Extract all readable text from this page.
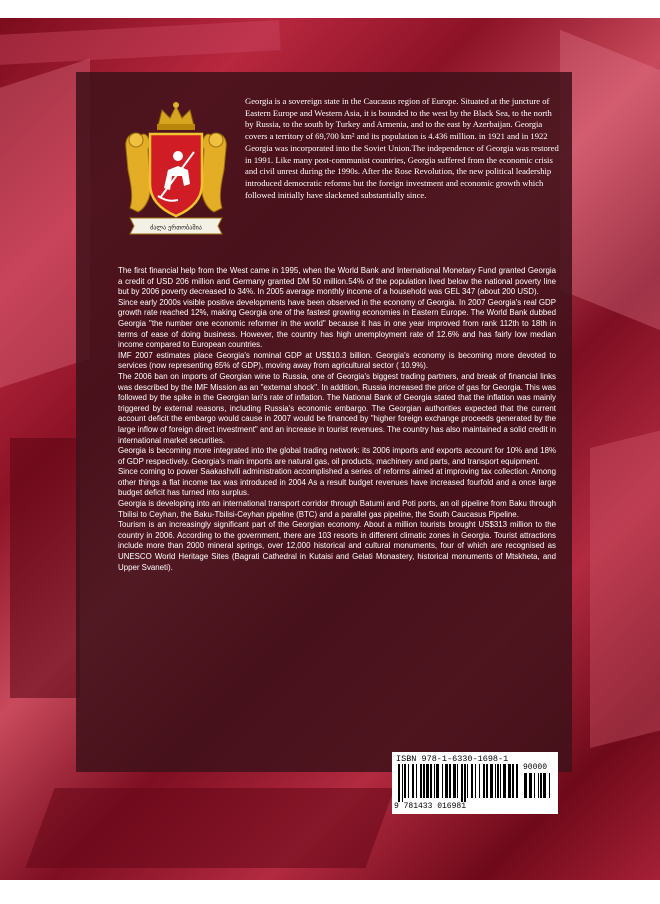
ძალა ერთობაშია

Georgia is a sovereign state in the Caucasus region of Europe. Situated at the juncture of Eastern Europe and Western Asia, it is bounded to the west by the Black Sea, to the north by Russia, to the south by Turkey and Armenia, and to the east by Azerbaijan. Georgia covers a territory of 69,700 km² and its population is 4.436 million. in 1921 and in 1922 Georgia was incorporated into the Soviet Union.The independence of Georgia was restored in 1991. Like many post-communist countries, Georgia suffered from the economic crisis and civil unrest during the 1990s. After the Rose Revolution, the new political leadership introduced democratic reforms but the foreign investment and economic growth which followed initially have slackened substantially since.

The first financial help from the West came in 1995, when the World Bank and International Monetary Fund granted Georgia a credit of USD 206 million and Germany granted DM 50 million.54% of the population lived below the national poverty line but by 2006 poverty decreased to 34%. In 2005 average monthly income of a household was GEL 347 (about 200 USD).

Since early 2000s visible positive developments have been observed in the economy of Georgia. In 2007 Georgia's real GDP growth rate reached 12%, making Georgia one of the fastest growing economies in Eastern Europe. The World Bank dubbed Georgia "the number one economic reformer in the world" because it has in one year improved from rank 112th to 18th in terms of ease of doing business. However, the country has high unemployment rate of 12.6% and has fairly low median income compared to European countries.

IMF 2007 estimates place Georgia's nominal GDP at US$10.3 billion. Georgia's economy is becoming more devoted to services (now representing 65% of GDP), moving away from agricultural sector ( 10.9%).

The 2006 ban on imports of Georgian wine to Russia, one of Georgia's biggest trading partners, and break of financial links was described by the IMF Mission as an "external shock". In addition, Russia increased the price of gas for Georgia. This was followed by the spike in the Georgian lari's rate of inflation. The National Bank of Georgia stated that the inflation was mainly triggered by external reasons, including Russia's economic embargo. The Georgian authorities expected that the current account deficit the embargo would cause in 2007 would be financed by "higher foreign exchange proceeds generated by the large inflow of foreign direct investment" and an increase in tourist revenues. The country has also maintained a solid credit in international market securities.

Georgia is becoming more integrated into the global trading network: its 2006 imports and exports account for 10% and 18% of GDP respectively. Georgia's main imports are natural gas, oil products, machinery and parts, and transport equipment.

Since coming to power Saakashvili administration accomplished a series of reforms aimed at improving tax collection. Among other things a flat income tax was introduced in 2004 As a result budget revenues have increased fourfold and a once large budget deficit has turned into surplus.

Georgia is developing into an international transport corridor through Batumi and Poti ports, an oil pipeline from Baku through Tbilisi to Ceyhan, the Baku-Tbilisi-Ceyhan pipeline (BTC) and a parallel gas pipeline, the South Caucasus Pipeline.

Tourism is an increasingly significant part of the Georgian economy. About a million tourists brought US$313 million to the country in 2006. According to the government, there are 103 resorts in different climatic zones in Georgia. Tourist attractions include more than 2000 mineral springs, over 12,000 historical and cultural monuments, four of which are recognised as UNESCO World Heritage Sites (Bagrati Cathedral in Kutaisi and Gelati Monastery, historical monuments of Mtskheta, and Upper Svaneti).

ISBN 978-1-6330-1698-1
90000
9 781433 016981
